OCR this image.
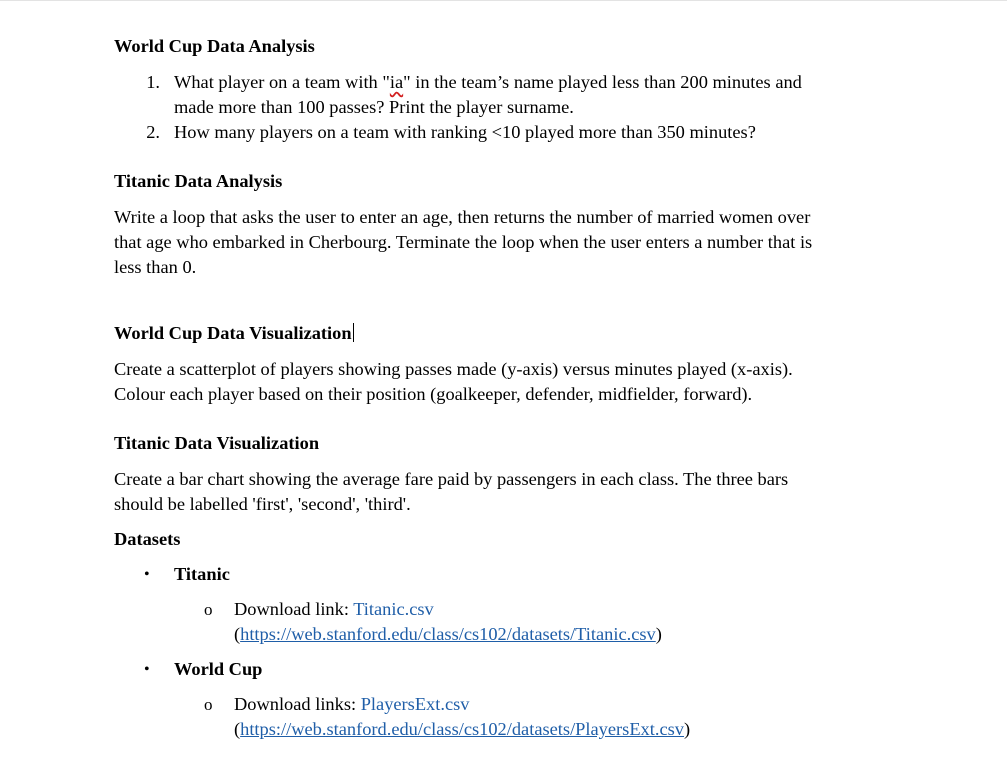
World Cup Data Analysis
1. What player on a team with "ia" in the team’s name played less than 200 minutes and

made more than 100 passes? Print the player surname.

2. How many players on a team with ranking <10 played more than 350 minutes?

Titanic Data Analysis

Write a loop that asks the user to enter an age, then returns the number of married women over

that age who embarked in Cherbourg. Terminate the loop when the user enters a number that is

less than 0.

World Cup Data Visualization

Create a scatterplot of players showing passes made (y-axis) versus minutes played (x-axis).

Colour each player based on their position (goalkeeper, defender, midfielder, forward).

Titanic Data Visualization

Create a bar chart showing the average fare paid by passengers in each class. The three bars

should be labelled 'first', 'second', 'third'.

Datasets
• Titanic
o Download link: Titanic.csv

(https://web.stanford.edu/class/cs102/datasets/Titanic.csv)

• World Cup
o Download links: PlayersExt.csv

(https://web.stanford.edu/class/cs102/datasets/PlayersExt.csv)
